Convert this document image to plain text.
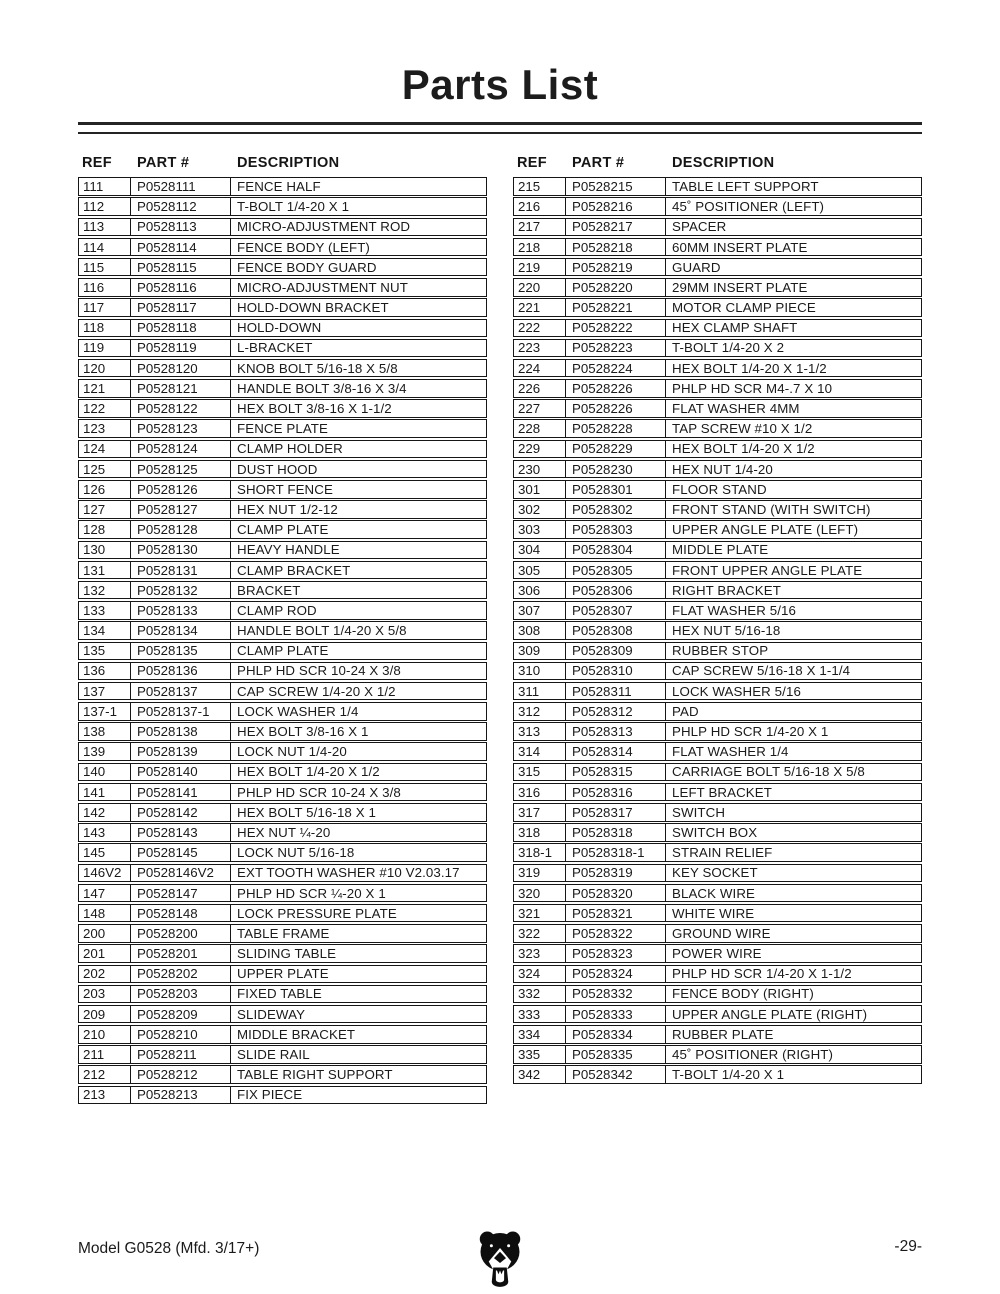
Parts List
REF	PART #	DESCRIPTION
111	P0528111	FENCE HALF
112	P0528112	T-BOLT 1/4-20 X 1
113	P0528113	MICRO-ADJUSTMENT ROD
114	P0528114	FENCE BODY (LEFT)
115	P0528115	FENCE BODY GUARD
116	P0528116	MICRO-ADJUSTMENT NUT
117	P0528117	HOLD-DOWN BRACKET
118	P0528118	HOLD-DOWN
119	P0528119	L-BRACKET
120	P0528120	KNOB BOLT 5/16-18 X 5/8
121	P0528121	HANDLE BOLT 3/8-16 X 3/4
122	P0528122	HEX BOLT 3/8-16 X 1-1/2
123	P0528123	FENCE PLATE
124	P0528124	CLAMP HOLDER
125	P0528125	DUST HOOD
126	P0528126	SHORT FENCE
127	P0528127	HEX NUT 1/2-12
128	P0528128	CLAMP PLATE
130	P0528130	HEAVY HANDLE
131	P0528131	CLAMP BRACKET
132	P0528132	BRACKET
133	P0528133	CLAMP ROD
134	P0528134	HANDLE BOLT 1/4-20 X 5/8
135	P0528135	CLAMP PLATE
136	P0528136	PHLP HD SCR 10-24 X 3/8
137	P0528137	CAP SCREW 1/4-20 X 1/2
137-1	P0528137-1	LOCK WASHER 1/4
138	P0528138	HEX BOLT 3/8-16 X 1
139	P0528139	LOCK NUT 1/4-20
140	P0528140	HEX BOLT 1/4-20 X 1/2
141	P0528141	PHLP HD SCR 10-24 X 3/8
142	P0528142	HEX BOLT 5/16-18 X 1
143	P0528143	HEX NUT ¼-20
145	P0528145	LOCK NUT 5/16-18
146V2	P0528146V2	EXT TOOTH WASHER #10 V2.03.17
147	P0528147	PHLP HD SCR ¼-20 X 1
148	P0528148	LOCK PRESSURE PLATE
200	P0528200	TABLE FRAME
201	P0528201	SLIDING TABLE
202	P0528202	UPPER PLATE
203	P0528203	FIXED TABLE
209	P0528209	SLIDEWAY
210	P0528210	MIDDLE BRACKET
211	P0528211	SLIDE RAIL
212	P0528212	TABLE RIGHT SUPPORT
213	P0528213	FIX PIECE
REF	PART #	DESCRIPTION
215	P0528215	TABLE LEFT SUPPORT
216	P0528216	45˚ POSITIONER (LEFT)
217	P0528217	SPACER
218	P0528218	60MM INSERT PLATE
219	P0528219	GUARD
220	P0528220	29MM INSERT PLATE
221	P0528221	MOTOR CLAMP PIECE
222	P0528222	HEX CLAMP SHAFT
223	P0528223	T-BOLT 1/4-20 X 2
224	P0528224	HEX BOLT 1/4-20 X 1-1/2
226	P0528226	PHLP HD SCR M4-.7 X 10
227	P0528226	FLAT WASHER 4MM
228	P0528228	TAP SCREW #10 X 1/2
229	P0528229	HEX BOLT 1/4-20 X 1/2
230	P0528230	HEX NUT 1/4-20
301	P0528301	FLOOR STAND
302	P0528302	FRONT STAND (WITH SWITCH)
303	P0528303	UPPER ANGLE PLATE (LEFT)
304	P0528304	MIDDLE PLATE
305	P0528305	FRONT UPPER ANGLE PLATE
306	P0528306	RIGHT BRACKET
307	P0528307	FLAT WASHER 5/16
308	P0528308	HEX NUT 5/16-18
309	P0528309	RUBBER STOP
310	P0528310	CAP SCREW 5/16-18 X 1-1/4
311	P0528311	LOCK WASHER 5/16
312	P0528312	PAD
313	P0528313	PHLP HD SCR 1/4-20 X 1
314	P0528314	FLAT WASHER 1/4
315	P0528315	CARRIAGE BOLT 5/16-18 X 5/8
316	P0528316	LEFT BRACKET
317	P0528317	SWITCH
318	P0528318	SWITCH BOX
318-1	P0528318-1	STRAIN RELIEF
319	P0528319	KEY SOCKET
320	P0528320	BLACK WIRE
321	P0528321	WHITE WIRE
322	P0528322	GROUND WIRE
323	P0528323	POWER WIRE
324	P0528324	PHLP HD SCR 1/4-20 X 1-1/2
332	P0528332	FENCE BODY (RIGHT)
333	P0528333	UPPER ANGLE PLATE (RIGHT)
334	P0528334	RUBBER PLATE
335	P0528335	45˚ POSITIONER (RIGHT)
342	P0528342	T-BOLT 1/4-20 X 1
Model G0528 (Mfd. 3/17+)	-29-
